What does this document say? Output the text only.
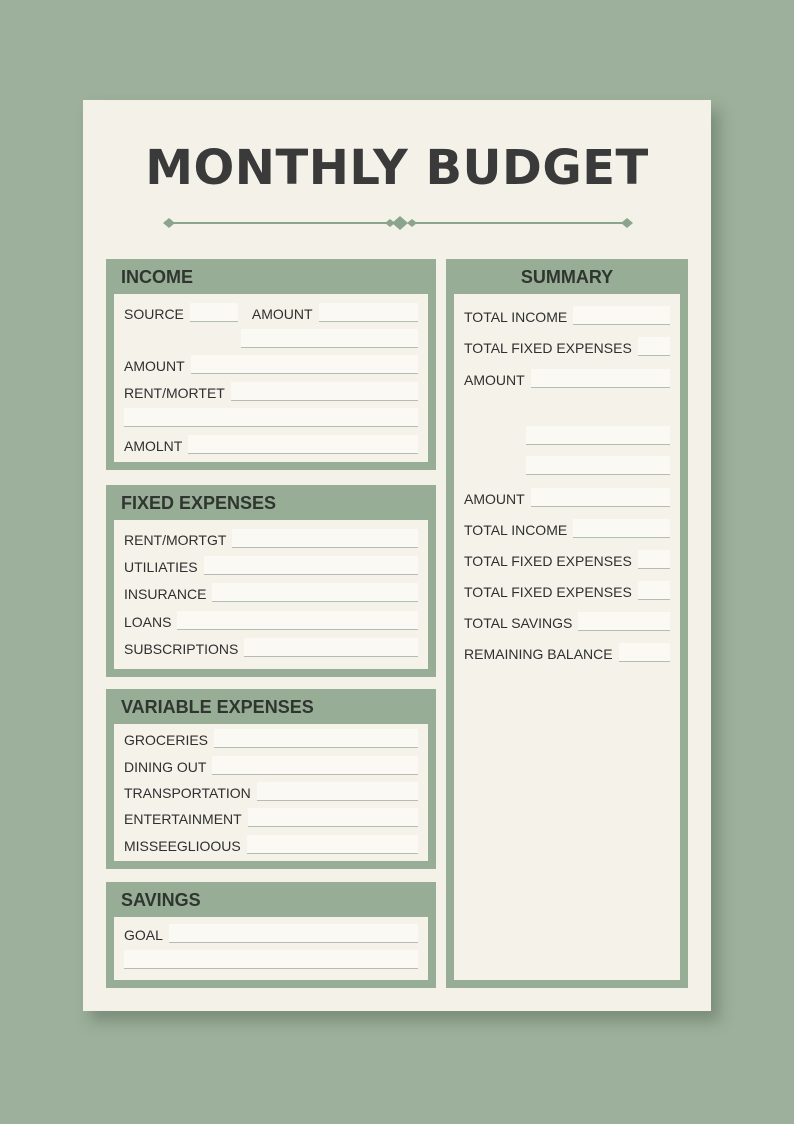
MONTHLY BUDGET
INCOME
SOURCE	AMOUNT
AMOUNT
RENT/MORTET
AMOLNT
FIXED EXPENSES
RENT/MORTGT
UTILIATIES
INSURANCE
LOANS
SUBSCRIPTIONS
VARIABLE EXPENSES
GROCERIES
DINING OUT
TRANSPORTATION
ENTERTAINMENT
MISSEEGLIOOUS
SAVINGS
GOAL
SUMMARY
TOTAL INCOME
TOTAL FIXED EXPENSES
AMOUNT
AMOUNT
TOTAL INCOME
TOTAL FIXED EXPENSES
TOTAL FIXED EXPENSES
TOTAL SAVINGS
REMAINING BALANCE
